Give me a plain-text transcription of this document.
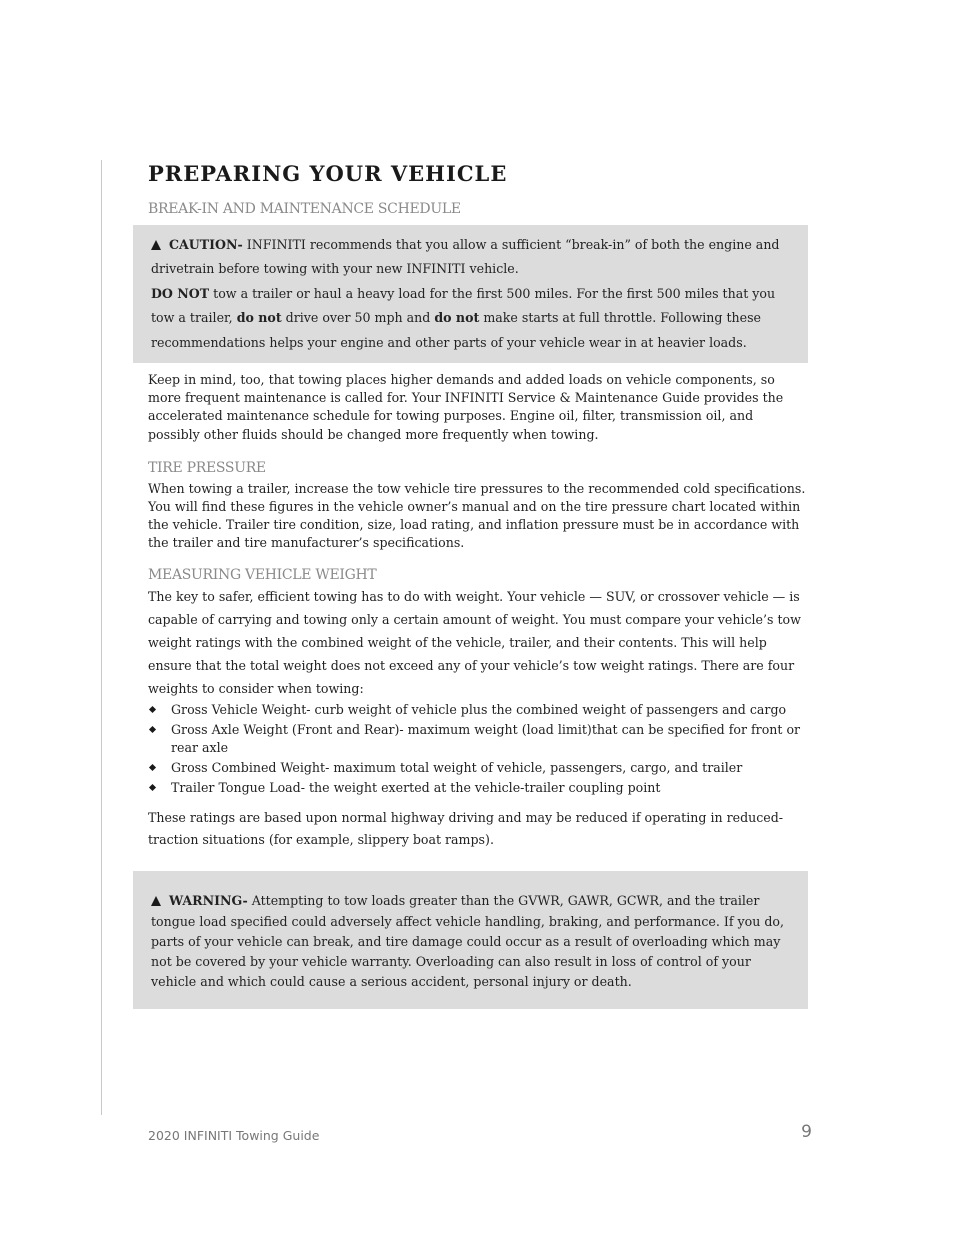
PREPARING YOUR VEHICLE
BREAK-IN AND MAINTENANCE SCHEDULE

CAUTION- INFINITI recommends that you allow a sufficient “break-in” of both the engine and drivetrain before towing with your new INFINITI vehicle.

DO NOT tow a trailer or haul a heavy load for the first 500 miles. For the first 500 miles that you tow a trailer, do not drive over 50 mph and do not make starts at full throttle. Following these recommendations helps your engine and other parts of your vehicle wear in at heavier loads.

Keep in mind, too, that towing places higher demands and added loads on vehicle components, so more frequent maintenance is called for. Your INFINITI Service & Maintenance Guide provides the accelerated maintenance schedule for towing purposes. Engine oil, filter, transmission oil, and possibly other fluids should be changed more frequently when towing.

TIRE PRESSURE

When towing a trailer, increase the tow vehicle tire pressures to the recommended cold specifications. You will find these figures in the vehicle owner’s manual and on the tire pressure chart located within the vehicle. Trailer tire condition, size, load rating, and inflation pressure must be in accordance with the trailer and tire manufacturer’s specifications.

MEASURING VEHICLE WEIGHT

The key to safer, efficient towing has to do with weight. Your vehicle — SUV, or crossover vehicle — is capable of carrying and towing only a certain amount of weight. You must compare your vehicle’s tow weight ratings with the combined weight of the vehicle, trailer, and their contents. This will help ensure that the total weight does not exceed any of your vehicle’s tow weight ratings. There are four weights to consider when towing:

Gross Vehicle Weight- curb weight of vehicle plus the combined weight of passengers and cargo
Gross Axle Weight (Front and Rear)- maximum weight (load limit)that can be specified for front or rear axle
Gross Combined Weight- maximum total weight of vehicle, passengers, cargo, and trailer
Trailer Tongue Load- the weight exerted at the vehicle-trailer coupling point

These ratings are based upon normal highway driving and may be reduced if operating in reduced-traction situations (for example, slippery boat ramps).

WARNING- Attempting to tow loads greater than the GVWR, GAWR, GCWR, and the trailer tongue load specified could adversely affect vehicle handling, braking, and performance. If you do, parts of your vehicle can break, and tire damage could occur as a result of overloading which may not be covered by your vehicle warranty. Overloading can also result in loss of control of your vehicle and which could cause a serious accident, personal injury or death.

2020 INFINITI Towing Guide	9
